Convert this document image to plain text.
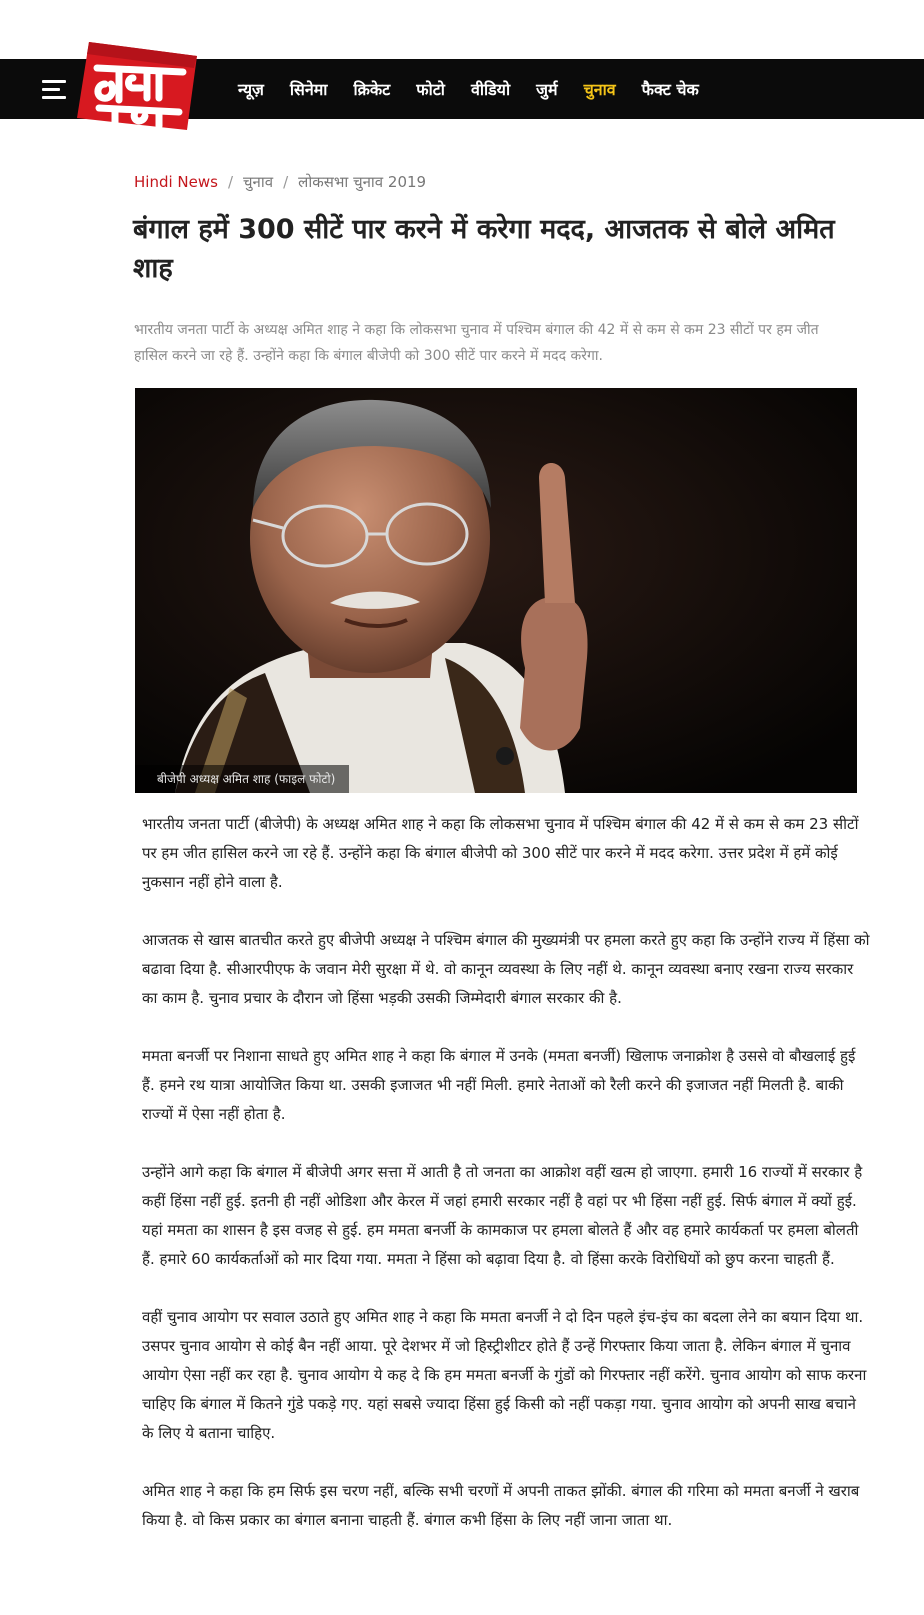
न्यूज़ सिनेमा क्रिकेट फोटो वीडियो जुर्म चुनाव फैक्ट चेक
Hindi News / चुनाव / लोकसभा चुनाव 2019
बंगाल हमें 300 सीटें पार करने में करेगा मदद, आजतक से बोले अमित शाह

भारतीय जनता पार्टी के अध्यक्ष अमित शाह ने कहा कि लोकसभा चुनाव में पश्चिम बंगाल की 42 में से कम से कम 23 सीटों पर हम जीत हासिल करने जा रहे हैं. उन्होंने कहा कि बंगाल बीजेपी को 300 सीटें पार करने में मदद करेगा.

बीजेपी अध्यक्ष अमित शाह (फाइल फोटो)

भारतीय जनता पार्टी (बीजेपी) के अध्यक्ष अमित शाह ने कहा कि लोकसभा चुनाव में पश्चिम बंगाल की 42 में से कम से कम 23 सीटों पर हम जीत हासिल करने जा रहे हैं. उन्होंने कहा कि बंगाल बीजेपी को 300 सीटें पार करने में मदद करेगा. उत्तर प्रदेश में हमें कोई नुकसान नहीं होने वाला है.

आजतक से खास बातचीत करते हुए बीजेपी अध्यक्ष ने पश्चिम बंगाल की मुख्यमंत्री पर हमला करते हुए कहा कि उन्होंने राज्य में हिंसा को बढावा दिया है. सीआरपीएफ के जवान मेरी सुरक्षा में थे. वो कानून व्यवस्था के लिए नहीं थे. कानून व्यवस्था बनाए रखना राज्य सरकार का काम है. चुनाव प्रचार के दौरान जो हिंसा भड़की उसकी जिम्मेदारी बंगाल सरकार की है.

ममता बनर्जी पर निशाना साधते हुए अमित शाह ने कहा कि बंगाल में उनके (ममता बनर्जी) खिलाफ जनाक्रोश है उससे वो बौखलाई हुई हैं. हमने रथ यात्रा आयोजित किया था. उसकी इजाजत भी नहीं मिली. हमारे नेताओं को रैली करने की इजाजत नहीं मिलती है. बाकी राज्यों में ऐसा नहीं होता है.

उन्होंने आगे कहा कि बंगाल में बीजेपी अगर सत्ता में आती है तो जनता का आक्रोश वहीं खत्म हो जाएगा. हमारी 16 राज्यों में सरकार है कहीं हिंसा नहीं हुई. इतनी ही नहीं ओडिशा और केरल में जहां हमारी सरकार नहीं है वहां पर भी हिंसा नहीं हुई. सिर्फ बंगाल में क्यों हुई. यहां ममता का शासन है इस वजह से हुई. हम ममता बनर्जी के कामकाज पर हमला बोलते हैं और वह हमारे कार्यकर्ता पर हमला बोलती हैं. हमारे 60 कार्यकर्ताओं को मार दिया गया. ममता ने हिंसा को बढ़ावा दिया है. वो हिंसा करके विरोधियों को छुप करना चाहती हैं.

वहीं चुनाव आयोग पर सवाल उठाते हुए अमित शाह ने कहा कि ममता बनर्जी ने दो दिन पहले इंच-इंच का बदला लेने का बयान दिया था. उसपर चुनाव आयोग से कोई बैन नहीं आया. पूरे देशभर में जो हिस्ट्रीशीटर होते हैं उन्हें गिरफ्तार किया जाता है. लेकिन बंगाल में चुनाव आयोग ऐसा नहीं कर रहा है. चुनाव आयोग ये कह दे कि हम ममता बनर्जी के गुंडों को गिरफ्तार नहीं करेंगे. चुनाव आयोग को साफ करना चाहिए कि बंगाल में कितने गुंडे पकड़े गए. यहां सबसे ज्यादा हिंसा हुई किसी को नहीं पकड़ा गया. चुनाव आयोग को अपनी साख बचाने के लिए ये बताना चाहिए.

अमित शाह ने कहा कि हम सिर्फ इस चरण नहीं, बल्कि सभी चरणों में अपनी ताकत झोंकी. बंगाल की गरिमा को ममता बनर्जी ने खराब किया है. वो किस प्रकार का बंगाल बनाना चाहती हैं. बंगाल कभी हिंसा के लिए नहीं जाना जाता था.
